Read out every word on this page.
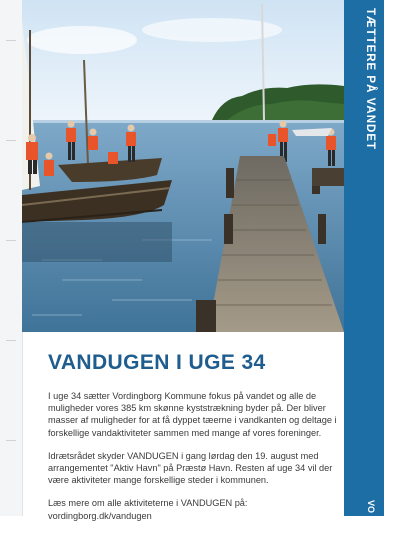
TÆTTERE PÅ VANDET
VO
VANDUGEN I UGE 34

I uge 34 sætter Vordingborg Kommune fokus på vandet og alle de muligheder vores 385 km skønne kyststrækning byder på. Der bliver masser af muligheder for at få dyppet tæerne i vandkanten og deltage i forskellige vandaktiviteter sammen med mange af vores foreninger.

Idrætsrådet skyder VANDUGEN i gang lørdag den 19. august med arrangementet "Aktiv Havn" på Præstø Havn. Resten af uge 34 vil der være aktiviteter mange forskellige steder i kommunen.

Læs mere om alle aktiviteterne i VANDUGEN på: vordingborg.dk/vandugen
